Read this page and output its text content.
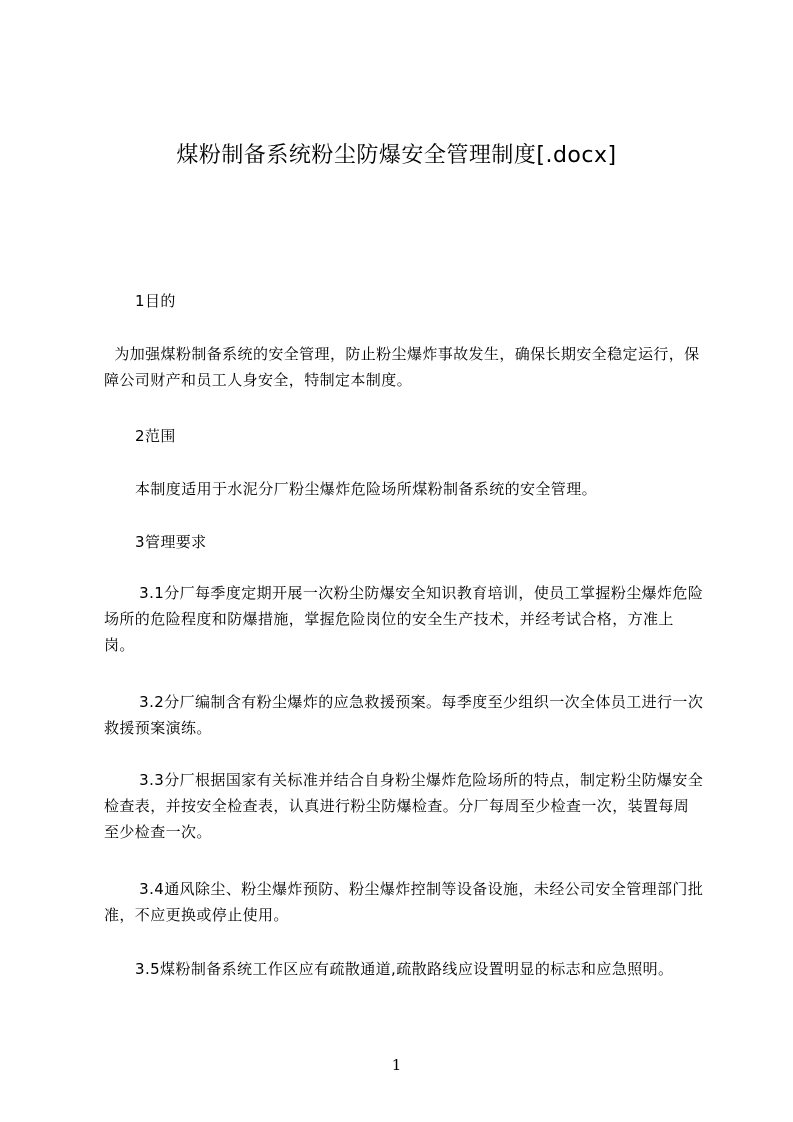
煤粉制备系统粉尘防爆安全管理制度[.docx]
1目的
为加强煤粉制备系统的安全管理，防止粉尘爆炸事故发生，确保长期安全稳定运行，保障公司财产和员工人身安全，特制定本制度。
2范围
本制度适用于水泥分厂粉尘爆炸危险场所煤粉制备系统的安全管理。
3管理要求
3.1分厂每季度定期开展一次粉尘防爆安全知识教育培训，使员工掌握粉尘爆炸危险场所的危险程度和防爆措施，掌握危险岗位的安全生产技术，并经考试合格，方准上岗。
3.2分厂编制含有粉尘爆炸的应急救援预案。每季度至少组织一次全体员工进行一次救援预案演练。
3.3分厂根据国家有关标准并结合自身粉尘爆炸危险场所的特点，制定粉尘防爆安全检查表，并按安全检查表，认真进行粉尘防爆检查。分厂每周至少检查一次，装置每周至少检查一次。
3.4通风除尘、粉尘爆炸预防、粉尘爆炸控制等设备设施，未经公司安全管理部门批准，不应更换或停止使用。
3.5煤粉制备系统工作区应有疏散通道,疏散路线应设置明显的标志和应急照明。
1
